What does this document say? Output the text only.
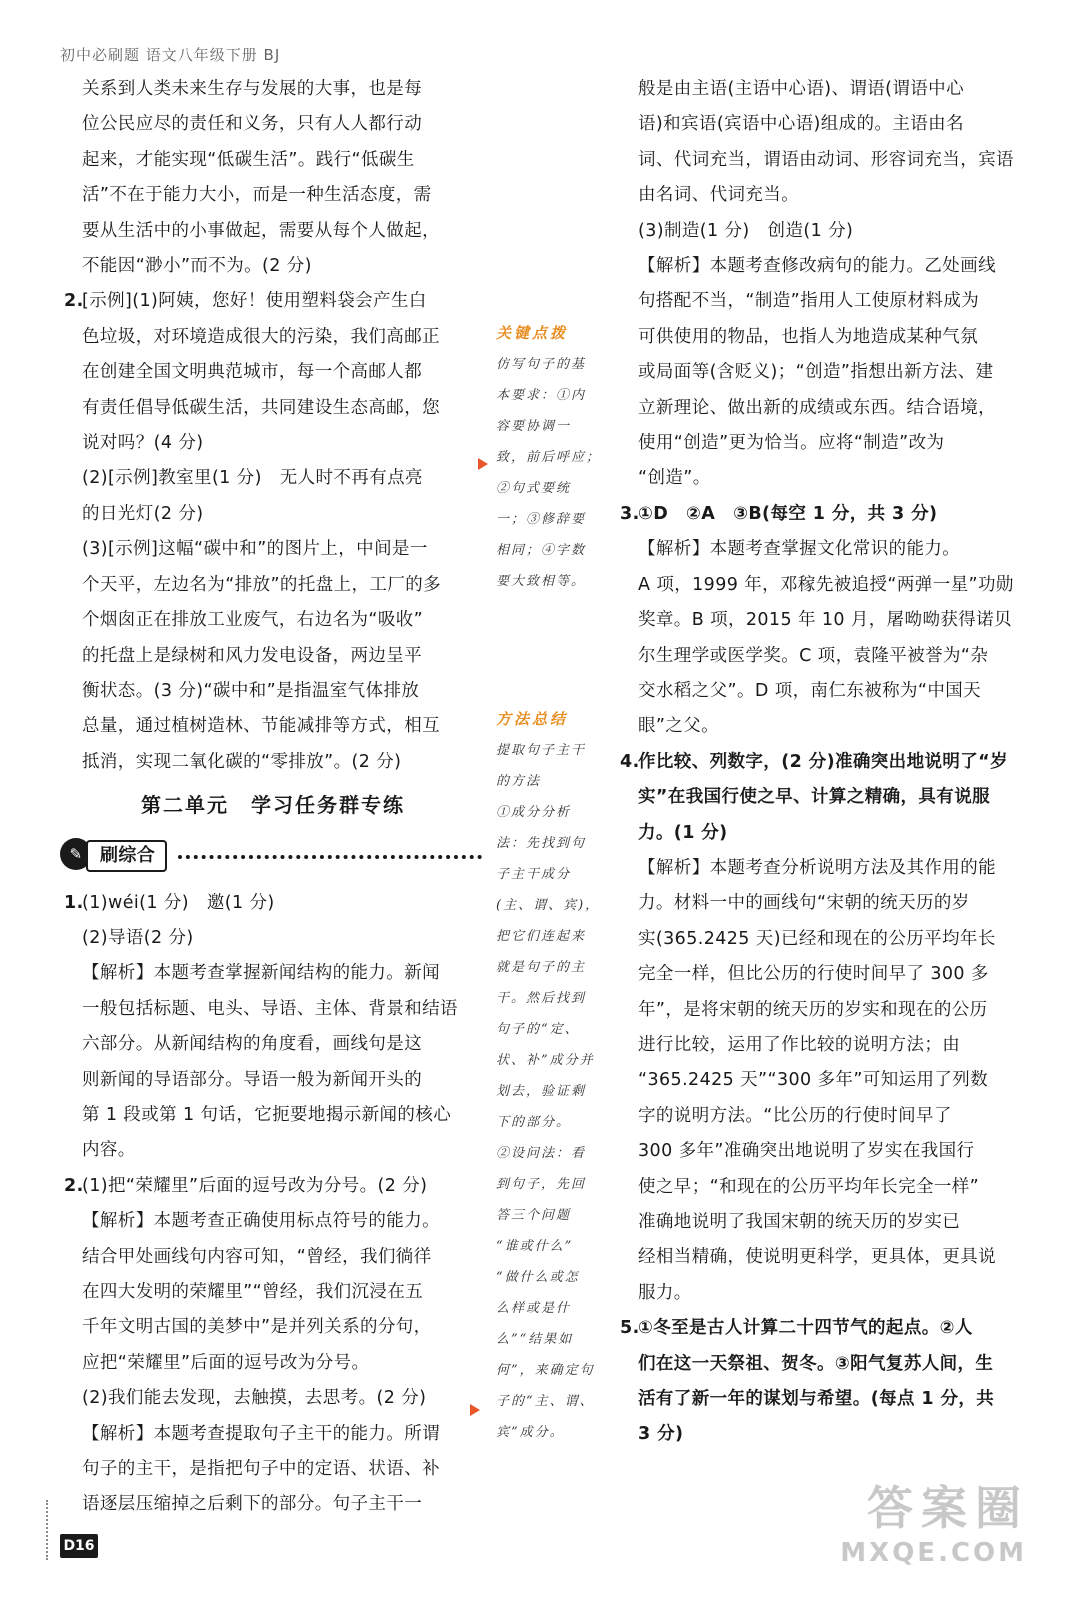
初中必刷题 语文八年级下册 BJ

关系到人类未来生存与发展的大事，也是每

位公民应尽的责任和义务，只有人人都行动

起来，才能实现“低碳生活”。践行“低碳生

活”不在于能力大小，而是一种生活态度，需

要从生活中的小事做起，需要从每个人做起，

不能因“渺小”而不为。(2 分)

2.[示例](1)阿姨，您好！使用塑料袋会产生白

色垃圾，对环境造成很大的污染，我们高邮正

在创建全国文明典范城市，每一个高邮人都

有责任倡导低碳生活，共同建设生态高邮，您

说对吗？(4 分)

(2)[示例]教室里(1 分)　无人时不再有点亮

的日光灯(2 分)

(3)[示例]这幅“碳中和”的图片上，中间是一

个天平，左边名为“排放”的托盘上，工厂的多

个烟囱正在排放工业废气，右边名为“吸收”

的托盘上是绿树和风力发电设备，两边呈平

衡状态。(3 分)“碳中和”是指温室气体排放

总量，通过植树造林、节能减排等方式，相互

抵消，实现二氧化碳的“零排放”。(2 分)

第二单元　学习任务群专练
✎ 刷综合

1.(1)wéi(1 分)　邀(1 分)

(2)导语(2 分)

【解析】本题考查掌握新闻结构的能力。新闻

一般包括标题、电头、导语、主体、背景和结语

六部分。从新闻结构的角度看，画线句是这

则新闻的导语部分。导语一般为新闻开头的

第 1 段或第 1 句话，它扼要地揭示新闻的核心

内容。

2.(1)把“荣耀里”后面的逗号改为分号。(2 分)

【解析】本题考查正确使用标点符号的能力。

结合甲处画线句内容可知，“曾经，我们徜徉

在四大发明的荣耀里”“曾经，我们沉浸在五

千年文明古国的美梦中”是并列关系的分句，

应把“荣耀里”后面的逗号改为分号。

(2)我们能去发现，去触摸，去思考。(2 分)

【解析】本题考查提取句子主干的能力。所谓

句子的主干，是指把句子中的定语、状语、补

语逐层压缩掉之后剩下的部分。句子主干一

关键点拨
仿写句子的基
本要求：①内
容要协调一
致，前后呼应；
②句式要统
一；③修辞要
相同；④字数
要大致相等。
方法总结
提取句子主干
的方法
①成分分析
法：先找到句
子主干成分
(主、谓、宾)，
把它们连起来
就是句子的主
干。然后找到
句子的“定、
状、补”成分并
划去，验证剩
下的部分。
②设问法：看
到句子，先回
答三个问题
“谁或什么”
“做什么或怎
么样或是什
么”“结果如
何”，来确定句
子的“主、谓、
宾”成分。

般是由主语(主语中心语)、谓语(谓语中心

语)和宾语(宾语中心语)组成的。主语由名

词、代词充当，谓语由动词、形容词充当，宾语

由名词、代词充当。

(3)制造(1 分)　创造(1 分)

【解析】本题考查修改病句的能力。乙处画线

句搭配不当，“制造”指用人工使原材料成为

可供使用的物品，也指人为地造成某种气氛

或局面等(含贬义)；“创造”指想出新方法、建

立新理论、做出新的成绩或东西。结合语境，

使用“创造”更为恰当。应将“制造”改为

“创造”。

3.①D　②A　③B(每空 1 分，共 3 分)

【解析】本题考查掌握文化常识的能力。

A 项，1999 年，邓稼先被追授“两弹一星”功勋

奖章。B 项，2015 年 10 月，屠呦呦获得诺贝

尔生理学或医学奖。C 项，袁隆平被誉为“杂

交水稻之父”。D 项，南仁东被称为“中国天

眼”之父。

4.作比较、列数字，(2 分)准确突出地说明了“岁

实”在我国行使之早、计算之精确，具有说服

力。(1 分)

【解析】本题考查分析说明方法及其作用的能

力。材料一中的画线句“宋朝的统天历的岁

实(365.2425 天)已经和现在的公历平均年长

完全一样，但比公历的行使时间早了 300 多

年”，是将宋朝的统天历的岁实和现在的公历

进行比较，运用了作比较的说明方法；由

“365.2425 天”“300 多年”可知运用了列数

字的说明方法。“比公历的行使时间早了

300 多年”准确突出地说明了岁实在我国行

使之早；“和现在的公历平均年长完全一样”

准确地说明了我国宋朝的统天历的岁实已

经相当精确，使说明更科学，更具体，更具说

服力。

5.①冬至是古人计算二十四节气的起点。②人

们在这一天祭祖、贺冬。③阳气复苏人间，生

活有了新一年的谋划与希望。(每点 1 分，共

3 分)

D16
答案圈
MXQE.COM
